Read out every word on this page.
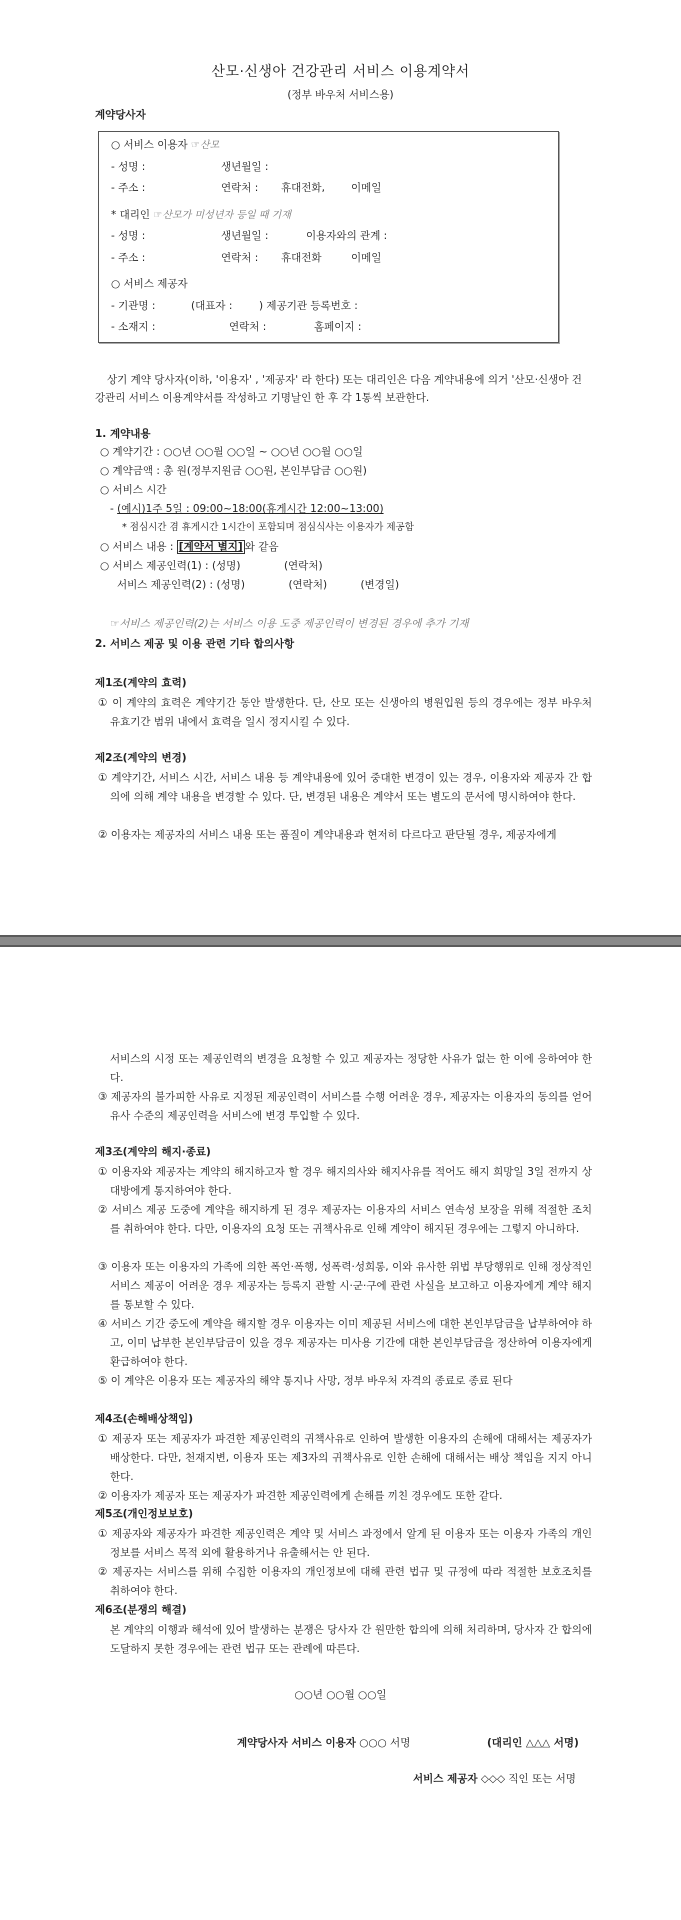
산모·신생아 건강관리 서비스 이용계약서
(정부 바우처 서비스용)
계약당사자
○ 서비스 이용자 ☞산모
- 성명 :	생년월일 :
- 주소 :	연락처 : 휴대전화, 이메일
* 대리인 ☞산모가 미성년자 등일 때 기재
- 성명 :	생년월일 :	이용자와의 관계 :
- 주소 :	연락처 : 휴대전화	이메일
○ 서비스 제공자
- 기관명 :	(대표자 :	) 제공기관 등록번호 :
- 소재지 :	연락처 :	홈페이지 :
상기 계약 당사자(이하, '이용자' , '제공자' 라 한다) 또는 대리인은 다음 계약내용에 의거 '산모·신생아 건강관리 서비스 이용계약서를 작성하고 기명날인 한 후 각 1통씩 보관한다.
1. 계약내용
○ 계약기간 : ○○년 ○○월 ○○일 ~ ○○년 ○○월 ○○일
○ 계약금액 : 총 원(정부지원금 ○○원, 본인부담금 ○○원)
○ 서비스 시간
- (예시)1주 5일 : 09:00~18:00(휴게시간 12:00~13:00)
* 점심시간 겸 휴게시간 1시간이 포함되며 점심식사는 이용자가 제공함
○ 서비스 내용 : [계약서 별지] 와 같음
○ 서비스 제공인력(1) : (성명)	(연락처)
서비스 제공인력(2) : (성명)	(연락처)	(변경일)
☞서비스 제공인력(2)는 서비스 이용 도중 제공인력이 변경된 경우에 추가 기재
2. 서비스 제공 및 이용 관련 기타 합의사항
제1조(계약의 효력)
① 이 계약의 효력은 계약기간 동안 발생한다. 단, 산모 또는 신생아의 병원입원 등의 경우에는 정부 바우처 유효기간 범위 내에서 효력을 일시 정지시킬 수 있다.
제2조(계약의 변경)
① 계약기간, 서비스 시간, 서비스 내용 등 계약내용에 있어 중대한 변경이 있는 경우, 이용자와 제공자 간 합의에 의해 계약 내용을 변경할 수 있다. 단, 변경된 내용은 계약서 또는 별도의 문서에 명시하여야 한다.
② 이용자는 제공자의 서비스 내용 또는 품질이 계약내용과 현저히 다르다고 판단될 경우, 제공자에게
서비스의 시정 또는 제공인력의 변경을 요청할 수 있고 제공자는 정당한 사유가 없는 한 이에 응하여야 한다.
③ 제공자의 불가피한 사유로 지정된 제공인력이 서비스를 수행 어려운 경우, 제공자는 이용자의 동의를 얻어 유사 수준의 제공인력을 서비스에 변경 투입할 수 있다.
제3조(계약의 해지·종료)
① 이용자와 제공자는 계약의 해지하고자 할 경우 해지의사와 해지사유를 적어도 해지 희망일 3일 전까지 상대방에게 통지하여야 한다.
② 서비스 제공 도중에 계약을 해지하게 된 경우 제공자는 이용자의 서비스 연속성 보장을 위해 적절한 조치를 취하여야 한다. 다만, 이용자의 요청 또는 귀책사유로 인해 계약이 해지된 경우에는 그렇지 아니하다.
③ 이용자 또는 이용자의 가족에 의한 폭언·폭행, 성폭력·성희롱, 이와 유사한 위법 부당행위로 인해 정상적인 서비스 제공이 어려운 경우 제공자는 등록지 관할 시·군·구에 관련 사실을 보고하고 이용자에게 계약 해지를 통보할 수 있다.
④ 서비스 기간 중도에 계약을 해지할 경우 이용자는 이미 제공된 서비스에 대한 본인부담금을 납부하여야 하고, 이미 납부한 본인부담금이 있을 경우 제공자는 미사용 기간에 대한 본인부담금을 정산하여 이용자에게 환급하여야 한다.
⑤ 이 계약은 이용자 또는 제공자의 해약 통지나 사망, 정부 바우처 자격의 종료로 종료 된다
제4조(손해배상책임)
① 제공자 또는 제공자가 파견한 제공인력의 귀책사유로 인하여 발생한 이용자의 손해에 대해서는 제공자가 배상한다. 다만, 천재지변, 이용자 또는 제3자의 귀책사유로 인한 손해에 대해서는 배상 책임을 지지 아니한다.
② 이용자가 제공자 또는 제공자가 파견한 제공인력에게 손해를 끼친 경우에도 또한 같다.
제5조(개인정보보호)
① 제공자와 제공자가 파견한 제공인력은 계약 및 서비스 과정에서 알게 된 이용자 또는 이용자 가족의 개인정보를 서비스 목적 외에 활용하거나 유출해서는 안 된다.
② 제공자는 서비스를 위해 수집한 이용자의 개인정보에 대해 관련 법규 및 규정에 따라 적절한 보호조치를 취하여야 한다.
제6조(분쟁의 해결)
본 계약의 이행과 해석에 있어 발생하는 분쟁은 당사자 간 원만한 합의에 의해 처리하며, 당사자 간 합의에 도달하지 못한 경우에는 관련 법규 또는 관례에 따른다.
○○년 ○○월 ○○일
계약당사자 서비스 이용자 ○○○ 서명	(대리인 △△△ 서명)
서비스 제공자 ◇◇◇ 직인 또는 서명
